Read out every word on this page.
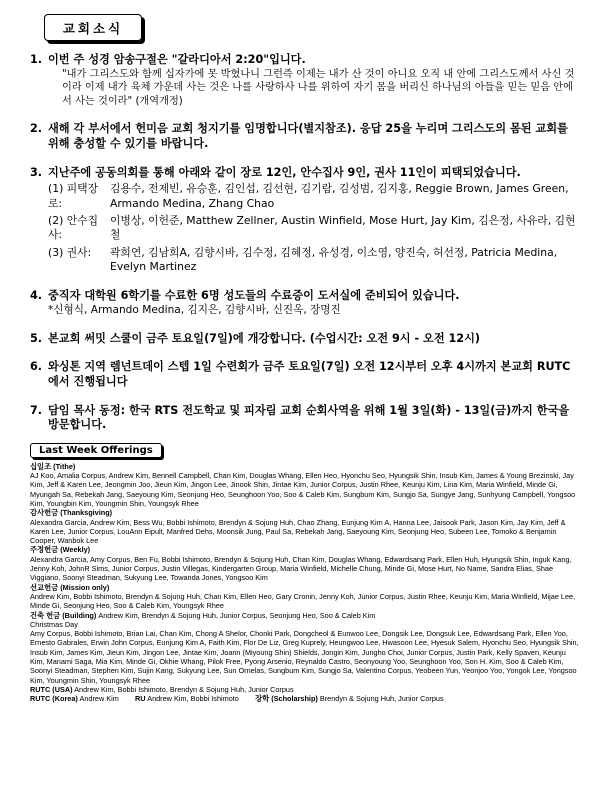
교회소식
1. 이번 주 성경 암송구절은 "갈라디아서 2:20"입니다.
"내가 그리스도와 함께 십자가에 못 박혔나니 그런즉 이제는 내가 산 것이 아니요 오직 내 안에 그리스도께서 사신 것이라 이제 내가 육체 가운데 사는 것은 나를 사랑하사 나를 위하여 자기 몸을 버리신 하나님의 아들을 믿는 믿음 안에서 사는 것이라" (개역개정)
2. 새해 각 부서에서 헌미음 교회 청지기를 임명합니다(별지참조). 응답 25을 누리며 그리스도의 몸된 교회를 위해 충성할 수 있기를 바랍니다.
3. 지난주에 공동의회를 통해 아래와 같이 장로 12인, 안수집사 9인, 권사 11인이 피택되었습니다.
(1) 피택장로:
김용수, 전제빈, 유승훈, 김인섭, 김선현, 김기람, 김성범, 김지홍, Reggie Brown, James Green, Armando Medina, Zhang Chao
(2) 안수집사:
이병상, 이헌준, Matthew Zellner, Austin Winfield, Mose Hurt, Jay Kim, 김은정, 사유라, 김현철
(3) 권사:	곽희연, 김남희A, 김향시바, 김수정, 김혜정, 유성경, 이소영, 양진숙, 허선정, Patricia Medina, Evelyn Martinez
4. 중직자 대학원 6학기를 수료한 6명 성도들의 수료증이 도서실에 준비되어 있습니다.
*신형식, Armando Medina, 김지은, 김향시바, 신진옥, 장명진
5. 본교회 써밋 스쿨이 금주 토요일(7일)에 개강합니다. (수업시간: 오전 9시 - 오전 12시)
6. 와싱톤 지역 렘넌트데이 스텝 1일 수련회가 금주 토요일(7일) 오전 12시부터 오후 4시까지 본교회 RUTC에서 진행됩니다
7. 담임 목사 동정: 한국 RTS 전도학교 및 피자림 교회 순회사역을 위해 1월 3일(화) - 13일(금)까지 한국을 방문합니다.
Last Week Offerings

십일조 (Tithe)

AJ Koo, Amalia Corpus, Andrew Kim, Bennell Campbell, Chan Kim, Douglas Whang, Ellen Heo, Hyonchu Seo, Hyungsik Shin, Insub Kim, James & Young Brezinski, Jay Kim, Jeff & Karen Lee, Jeongmin Joo, Jieun Kim, Jingon Lee, Jinook Shin, Jintae Kim, Junior Corpus, Justin Rhee, Keunju Kim, Lina Kim, Maria Winfield, Minde Gi, Myungah Sa, Rebekah Jang, Saeyoung Kim, Seonjung Heo, Seunghoon Yoo, Soo & Caleb Kim, Sungbum Kim, Sungjo Sa, Sungye Jang, Sunhyung Campbell, Yongsoo Kim, Youngbin Kim, Youngmin Shin, Youngsyk Rhee

감사헌금 (Thanksgiving)

Alexandra Garcia, Andrew Kim, Bess Wu, Bobbi Ishimoto, Brendyn & Sojung Huh, Chao Zhang, Eunjung Kim A, Hanna Lee, Jaisook Park, Jason Kim, Jay Kim, Jeff & Karen Lee, Junior Corpus, LouAnn Eipult, Manfred Dehs, Moonsik Jung, Paul Sa, Rebekah Jang, Saeyoung Kim, Seonjung Heo, Subeen Lee, Tomoko & Benjamin Cooper, Wanbok Lee

주정헌금 (Weekly)

Alexandra Garcia, Amy Corpus, Ben Fu, Bobbi Ishimoto, Brendyn & Sojung Huh, Chan Kim, Douglas Whang, Edwardsang Park, Ellen Huh, Hyungsik Shin, Inguk Kang, Jenny Koh, JohnR Sims, Junior Corpus, Justin Villegas, Kindergarten Group, Maria Winfield, Michelle Chung, Minde Gi, Mose Hurt, No Name, Sandra Elias, Shae Viggiano, Soonyi Steadman, Sukyung Lee, Towanda Jones, Yongsoo Kim

선교헌금 (Mission only)

Andrew Kim, Bobbi Ishimoto, Brendyn & Sojung Huh, Chan Kim, Ellen Heo, Gary Cronin, Jenny Koh, Junior Corpus, Justin Rhee, Keunju Kim, Maria Winfield, Mijae Lee, Minde Gi, Seonjung Heo, Soo & Caleb Kim, Youngsyk Rhee

건축 헌금 (Building) Andrew Kim, Brendyn & Sojung Huh, Junior Corpus, Seonjung Heo, Soo & Caleb Kim

Christmas Day

Amy Corpus, Bobbi Ishimoto, Brian Lai, Chan Kim, Chong A Shelor, Chonki Park, Dongcheol & Eunwoo Lee, Dongsik Lee, Dongsuk Lee, Edwardsang Park, Ellen Yoo, Ernesto Gabrales, Erwin John Corpus, Eunjung Kim A, Faith Kim, Flor De Liz, Greg Kuprely, Heungwoo Lee, Hwasoon Lee, Hyesuk Salem, Hyonchu Seo, Hyungsik Shin, Insub Kim, James Kim, Jieun Kim, Jingon Lee, Jintae Kim, Joann (Miyoung Shin) Shields, Jongin Kim, Jungho Choi, Junior Corpus, Justin Park, Kelly Spaven, Keunju Kim, Manami Saga, Mia Kim, Minde Gi, Okhie Whang, Pilok Free, Pyong Arsenio, Reynaldo Castro, Seonyoung Yoo, Seunghoon Yoo, Son H. Kim, Soo & Caleb Kim, Soonyi Steadman, Stephen Kim, Sujin Kang, Sukyung Lee, Sun Ornelas, Sungbum Kim, Sungjo Sa, Valentino Corpus, Yeobeen Yun, Yeonjoo Yoo, Yongok Lee, Yongsoo Kim, Youngmin Shin, Youngsyk Rhee

RUTC (USA) Andrew Kim, Bobbi Ishimoto, Brendyn & Sojung Huh, Junior Corpus

RUTC (Korea) Andrew Kim RU Andrew Kim, Bobbi Ishimoto 장학 (Scholarship) Brendyn & Sojung Huh, Junior Corpus
